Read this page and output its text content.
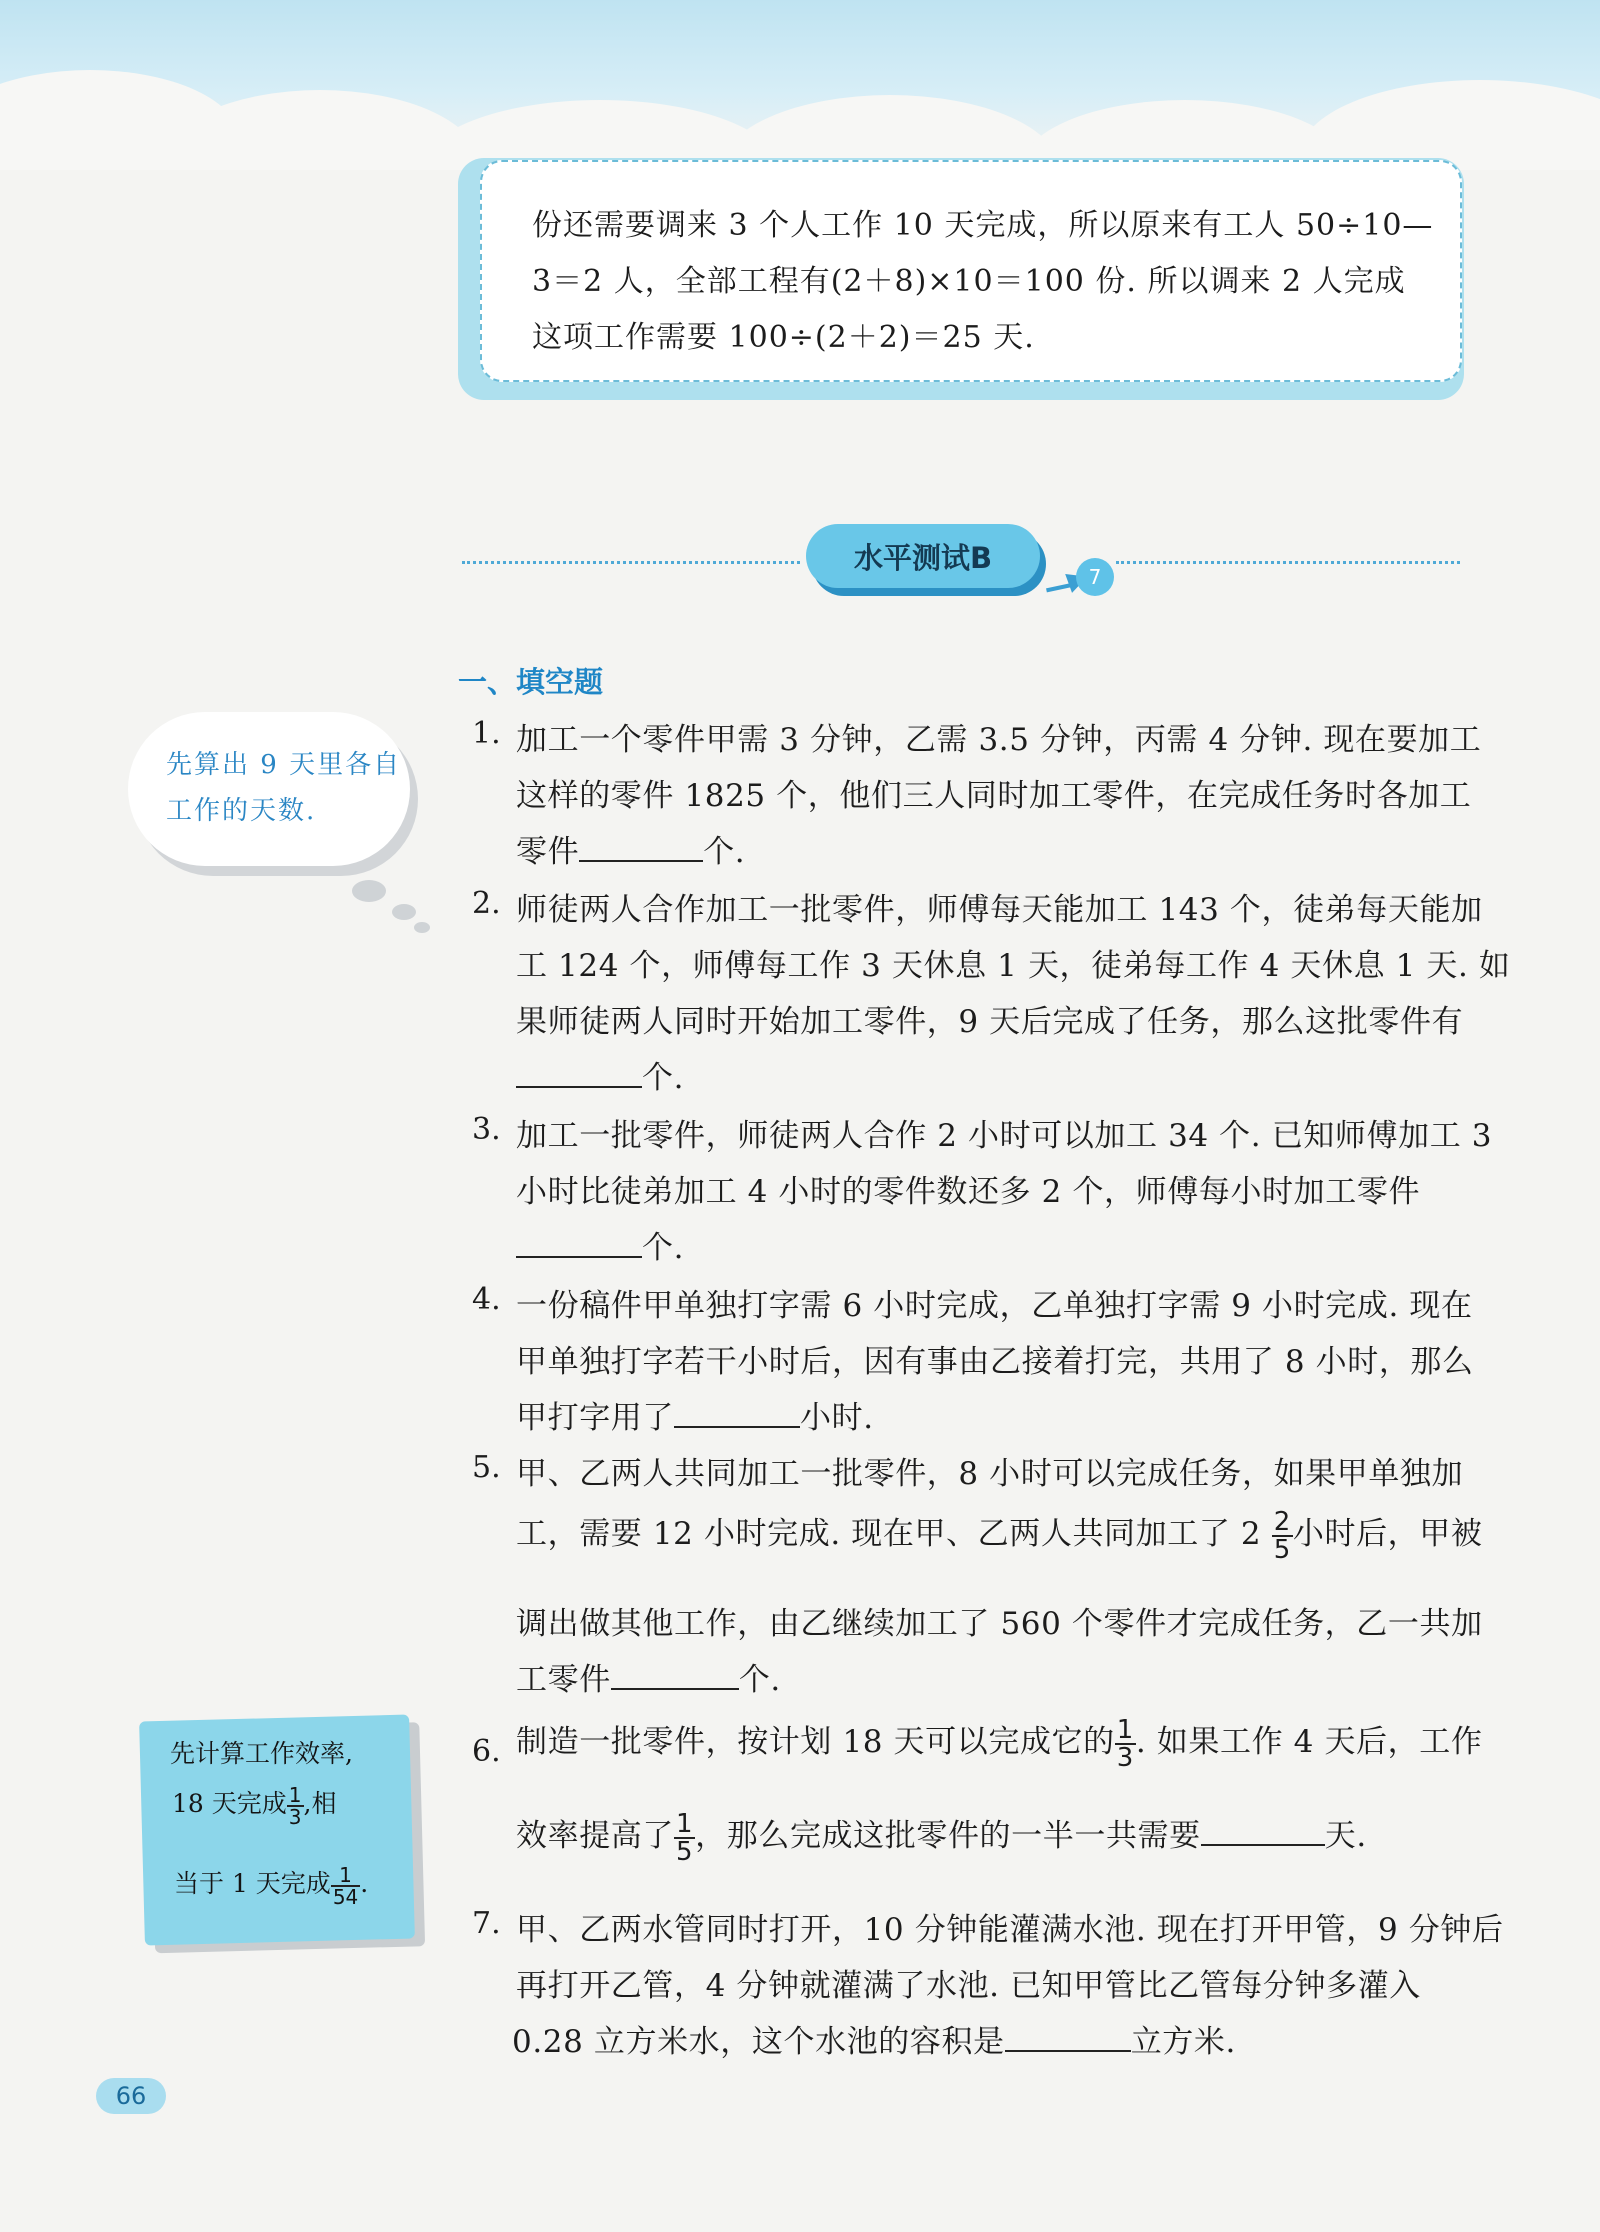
份还需要调来 3 个人工作 10 天完成，所以原来有工人 50÷10—
3＝2 人，全部工程有(2＋8)×10＝100 份. 所以调来 2 人完成
这项工作需要 100÷(2＋2)＝25 天.
水平测试B
7
一、填空题
先算出 9 天里各自
工作的天数.
先计算工作效率,
18 天完成 $\frac{1}{3}$ ,相
当于 1 天完成 $\frac{1}{54}$ .
1. 加工一个零件甲需 3 分钟，乙需 3.5 分钟，丙需 4 分钟. 现在要加工
这样的零件 1825 个，他们三人同时加工零件，在完成任务时各加工
零件	个.
2. 师徒两人合作加工一批零件，师傅每天能加工 143 个，徒弟每天能加
工 124 个，师傅每工作 3 天休息 1 天，徒弟每工作 4 天休息 1 天. 如
果师徒两人同时开始加工零件，9 天后完成了任务，那么这批零件有
个.
3. 加工一批零件，师徒两人合作 2 小时可以加工 34 个. 已知师傅加工 3
小时比徒弟加工 4 小时的零件数还多 2 个，师傅每小时加工零件
个.
4. 一份稿件甲单独打字需 6 小时完成，乙单独打字需 9 小时完成. 现在
甲单独打字若干小时后，因有事由乙接着打完，共用了 8 小时，那么
甲打字用了	小时.
5. 甲、乙两人共同加工一批零件，8 小时可以完成任务，如果甲单独加
工，需要 12 小时完成. 现在甲、乙两人共同加工了 $2 \frac{2}{5}$ 小时后，甲被
调出做其他工作，由乙继续加工了 560 个零件才完成任务，乙一共加
工零件	个.
6. 制造一批零件，按计划 18 天可以完成它的 $\frac{1}{3}$ . 如果工作 4 天后，工作
效率提高了 $\frac{1}{5}$ ，那么完成这批零件的一半一共需要	天.
7. 甲、乙两水管同时打开，10 分钟能灌满水池. 现在打开甲管，9 分钟后
再打开乙管，4 分钟就灌满了水池. 已知甲管比乙管每分钟多灌入
0.28 立方米水，这个水池的容积是	立方米.
66
